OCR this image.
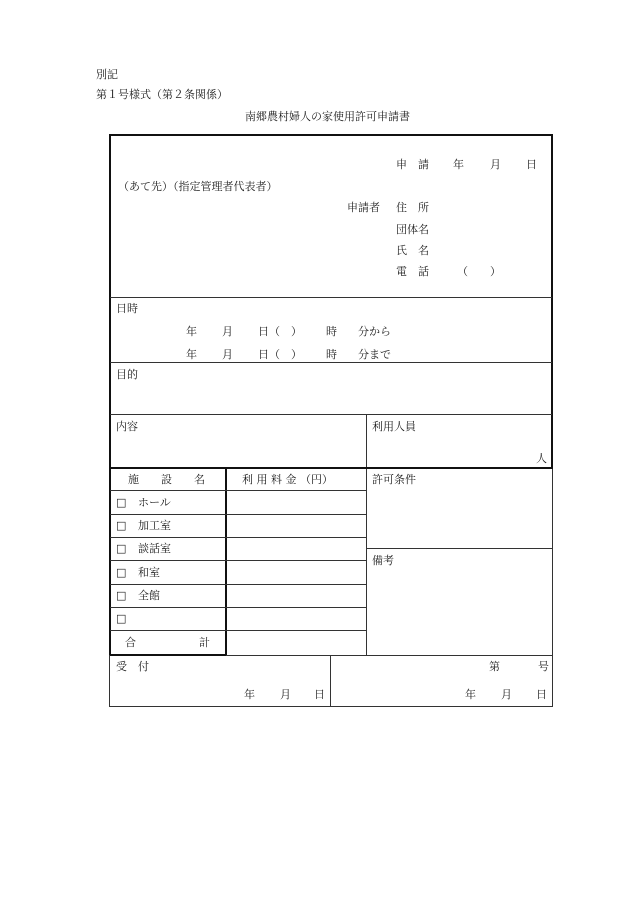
別記
第１号様式（第２条関係）
南郷農村婦人の家使用許可申請書
申　請 年 月 日
（あて先）（指定管理者代表者）
申請者 住　所
団体名
氏　名
電　話	（　　）
日時
年 月 日（　） 時 分から
年 月 日（　） 時 分まで
目的
内容	利用人員
人
施　　設　　名	利 用 料 金 （円）	許可条件
□ ホール
□ 加工室
□ 談話室
□ 和室
□ 全館
□
合	計
備考
受　付
年 月 日
第	号
年 月 日
